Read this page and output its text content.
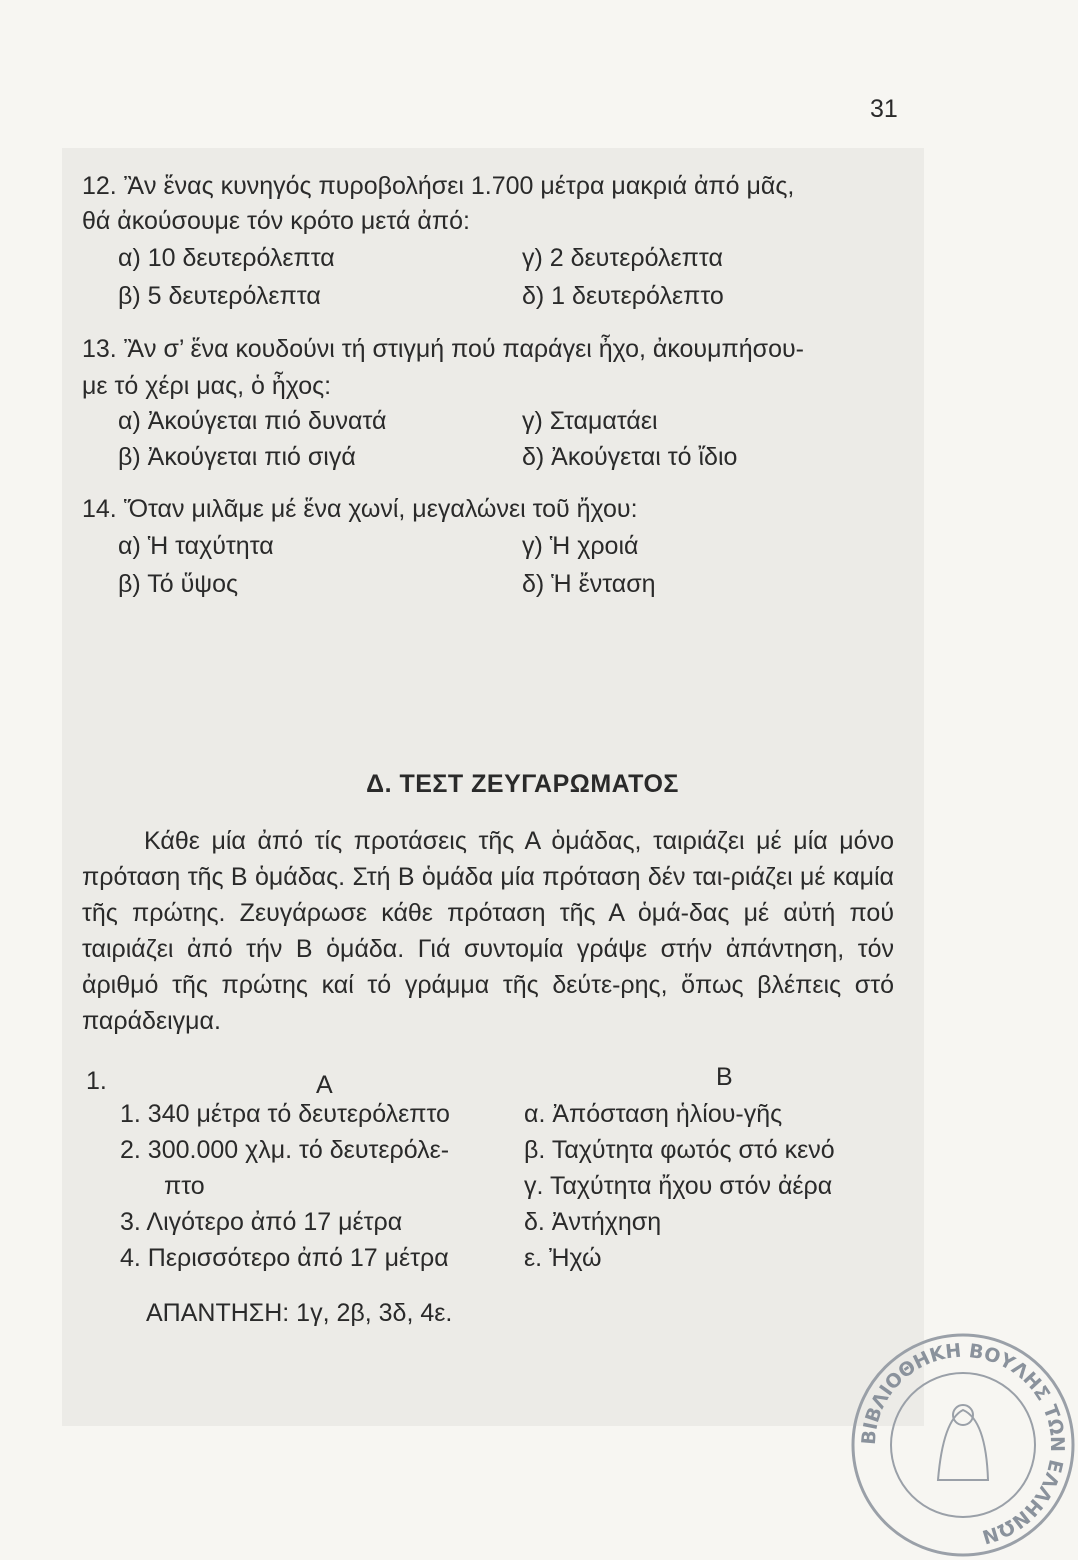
31
12. Ἂν ἕνας κυνηγός πυροβολήσει 1.700 μέτρα μακριά ἀπό μᾶς,
θά ἀκούσουμε τόν κρότο μετά ἀπό:
α) 10 δευτερόλεπτα
β) 5 δευτερόλεπτα
γ) 2 δευτερόλεπτα
δ) 1 δευτερόλεπτο
13. Ἂν σ’ ἕνα κουδούνι τή στιγμή πού παράγει ἦχο, ἀκουμπήσου-
με τό χέρι μας, ὁ ἦχος:
α) Ἀκούγεται πιό δυνατά
β) Ἀκούγεται πιό σιγά
γ) Σταματάει
δ) Ἀκούγεται τό ἴδιο
14. Ὅταν μιλᾶμε μέ ἕνα χωνί, μεγαλώνει τοῦ ἤχου:
α) Ἡ ταχύτητα
β) Τό ὕψος
γ) Ἡ χροιά
δ) Ἡ ἔνταση
Δ. ΤΕΣΤ ΖΕΥΓΑΡΩΜΑΤΟΣ
Κάθε μία ἀπό τίς προτάσεις τῆς Α ὁμάδας, ταιριάζει μέ μία μόνο πρόταση τῆς Β ὁμάδας. Στή Β ὁμάδα μία πρόταση δέν ται-ριάζει μέ καμία τῆς πρώτης. Ζευγάρωσε κάθε πρόταση τῆς Α ὁμά-δας μέ αὐτή πού ταιριάζει ἀπό τήν Β ὁμάδα. Γιά συντομία γράψε στήν ἀπάντηση, τόν ἀριθμό τῆς πρώτης καί τό γράμμα τῆς δεύτε-ρης, ὅπως βλέπεις στό παράδειγμα.
1.	Α	Β
1. 340 μέτρα τό δευτερόλεπτο
2. 300.000 χλμ. τό δευτερόλε-
πτο
3. Λιγότερο ἀπό 17 μέτρα
4. Περισσότερο ἀπό 17 μέτρα
α. Ἀπόσταση ἡλίου-γῆς
β. Ταχύτητα φωτός στό κενό
γ. Ταχύτητα ἤχου στόν ἀέρα
δ. Ἀντήχηση
ε. Ἠχώ
ΑΠΑΝΤΗΣΗ: 1γ, 2β, 3δ, 4ε.
ΒΙΒΛΙΟΘΗΚΗ ΒΟΥΛΗΣ ΤΩΝ ΕΛΛΗΝΩΝ
